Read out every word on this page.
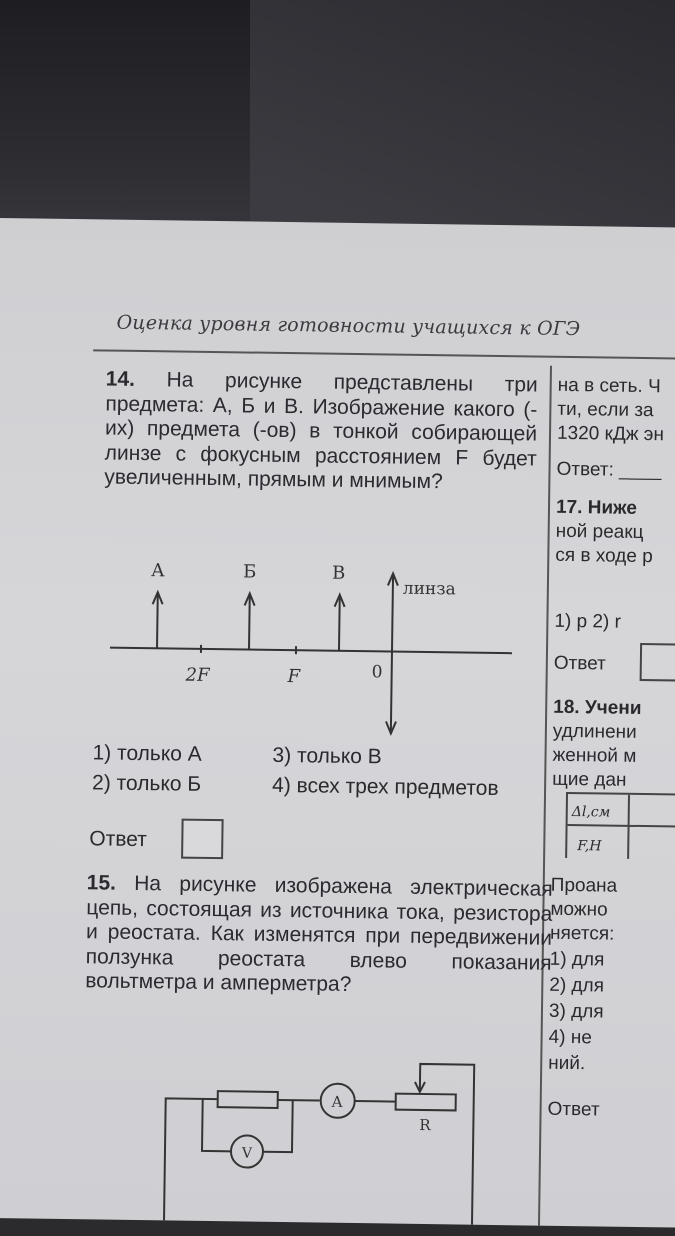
Оценка уровня готовности учащихся к ОГЭ
14. На рисунке представлены три предмета: А, Б и В. Изображение какого (-их) предмета (-ов) в тонкой собирающей линзе с фокусным расстоянием F будет увеличенным, прямым и мнимым?
А	Б	В
линза
2F	F	0
1) только А
2) только Б
3) только В
4) всех трех предметов
Ответ
15. На рисунке изображена электрическая цепь, состоящая из источника тока, резистора и реостата. Как изменятся при передвижении ползунка реостата влево показания вольтметра и амперметра?
A
R
V
на в сеть. Ч
ти, если за
1320 кДж эн
Ответ: ____
17. Ниже
ной реакц
ся в ходе р
1) p 2) r
Ответ
18. Учени
удлинени
женной м
щие дан
Δl,см
F,H
Проана
можно
няется:
1) для
2) для
3) для
4) не
ний.
Ответ
